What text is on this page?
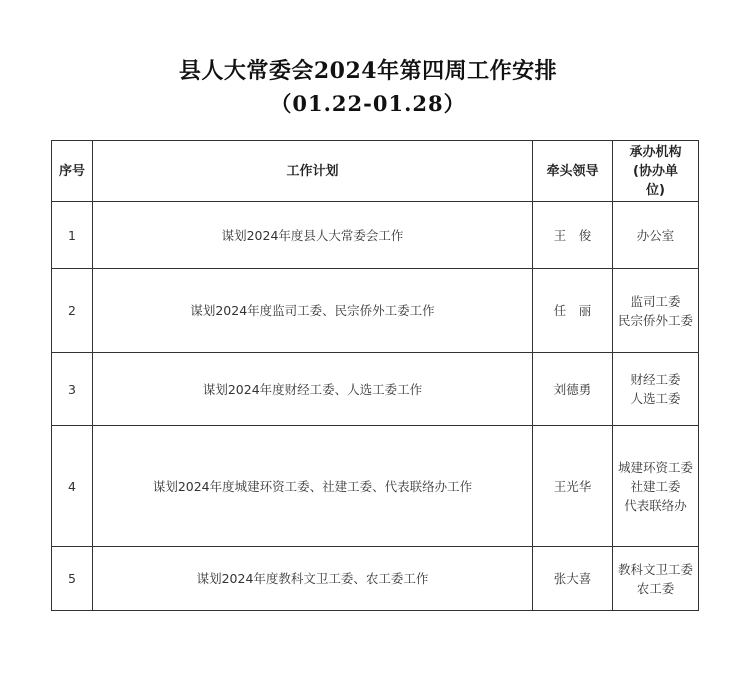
县人大常委会2024年第四周工作安排
（01.22-01.28）
序号	工作计划	牵头领导	承办机构
(协办单
位)

1	谋划2024年度县人大常委会工作	王　俊	办公室

2	谋划2024年度监司工委、民宗侨外工委工作	任　丽	监司工委
民宗侨外工委

3	谋划2024年度财经工委、人选工委工作	刘德勇	财经工委
人选工委

4	谋划2024年度城建环资工委、社建工委、代表联络办工作	王光华	城建环资工委
社建工委
代表联络办

5	谋划2024年度教科文卫工委、农工委工作	张大喜	教科文卫工委
农工委
